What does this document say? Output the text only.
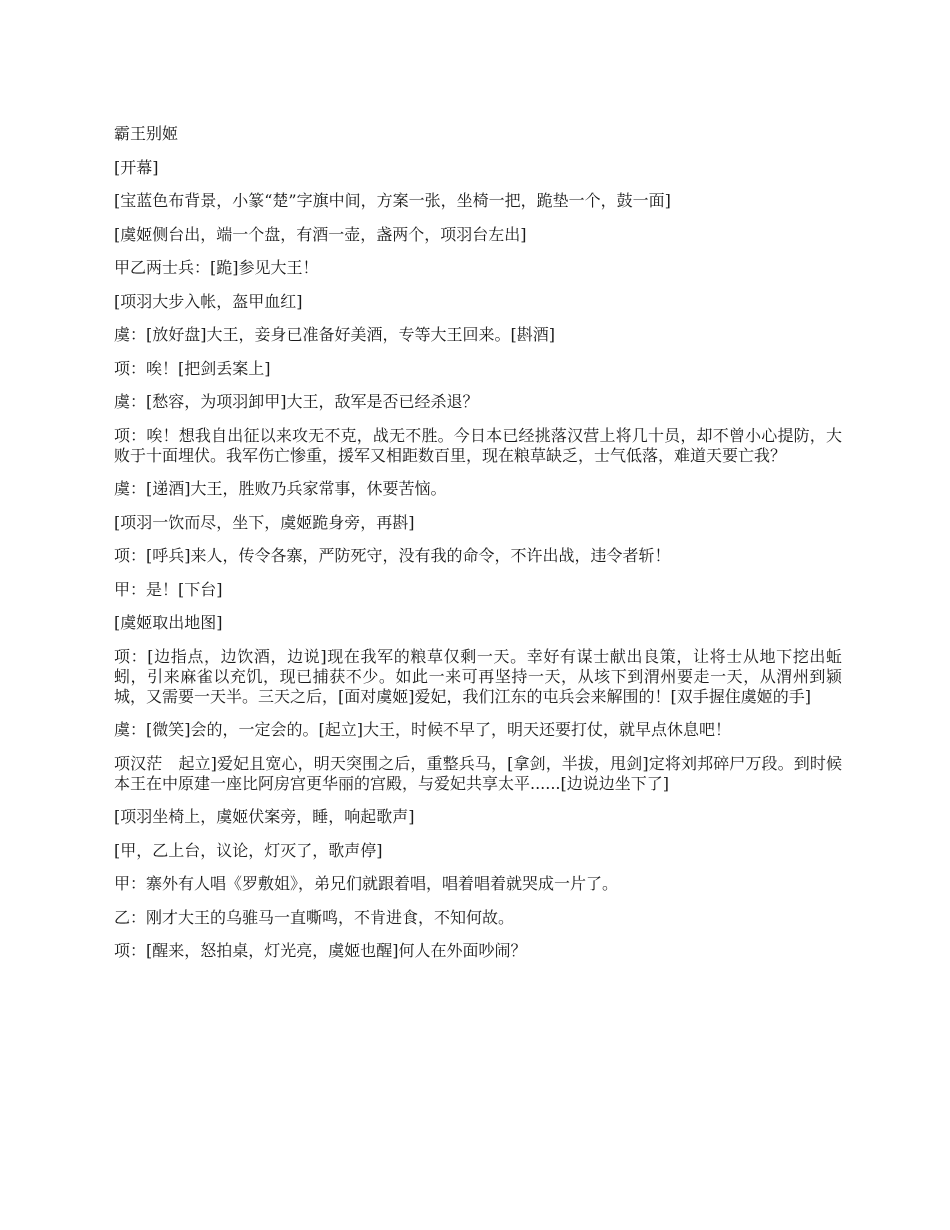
霸王别姬

[开幕]

[宝蓝色布背景，小篆“楚”字旗中间，方案一张，坐椅一把，跪垫一个，鼓一面]

[虞姬侧台出，端一个盘，有酒一壶，盏两个，项羽台左出]

甲乙两士兵：[跪]参见大王！

[项羽大步入帐，盔甲血红]

虞：[放好盘]大王，妾身已准备好美酒，专等大王回来。[斟酒]

项：唉！[把剑丢案上]

虞：[愁容，为项羽卸甲]大王，敌军是否已经杀退？

项：唉！想我自出征以来攻无不克，战无不胜。今日本已经挑落汉营上将几十员，却不曾小心提防，大败于十面埋伏。我军伤亡惨重，援军又相距数百里，现在粮草缺乏，士气低落，难道天要亡我？

虞：[递酒]大王，胜败乃兵家常事，休要苦恼。

[项羽一饮而尽，坐下，虞姬跪身旁，再斟]

项：[呼兵]来人，传令各寨，严防死守，没有我的命令，不许出战，违令者斩！

甲：是！[下台]

[虞姬取出地图]

项：[边指点，边饮酒，边说]现在我军的粮草仅剩一天。幸好有谋士献出良策，让将士从地下挖出蚯蚓，引来麻雀以充饥，现已捕获不少。如此一来可再坚持一天，从垓下到渭州要走一天，从渭州到颍城，又需要一天半。三天之后，[面对虞姬]爱妃，我们江东的屯兵会来解围的！[双手握住虞姬的手]

虞：[微笑]会的，一定会的。[起立]大王，时候不早了，明天还要打仗，就早点休息吧！

项汉茫　起立]爱妃且宽心，明天突围之后，重整兵马，[拿剑，半拔，甩剑]定将刘邦碎尸万段。到时候本王在中原建一座比阿房宫更华丽的宫殿，与爱妃共享太平......[边说边坐下了]

[项羽坐椅上，虞姬伏案旁，睡，响起歌声]

[甲，乙上台，议论，灯灭了，歌声停]

甲：寨外有人唱《罗敷姐》，弟兄们就跟着唱，唱着唱着就哭成一片了。

乙：刚才大王的乌骓马一直嘶鸣，不肯进食，不知何故。

项：[醒来，怒拍桌，灯光亮，虞姬也醒]何人在外面吵闹？
